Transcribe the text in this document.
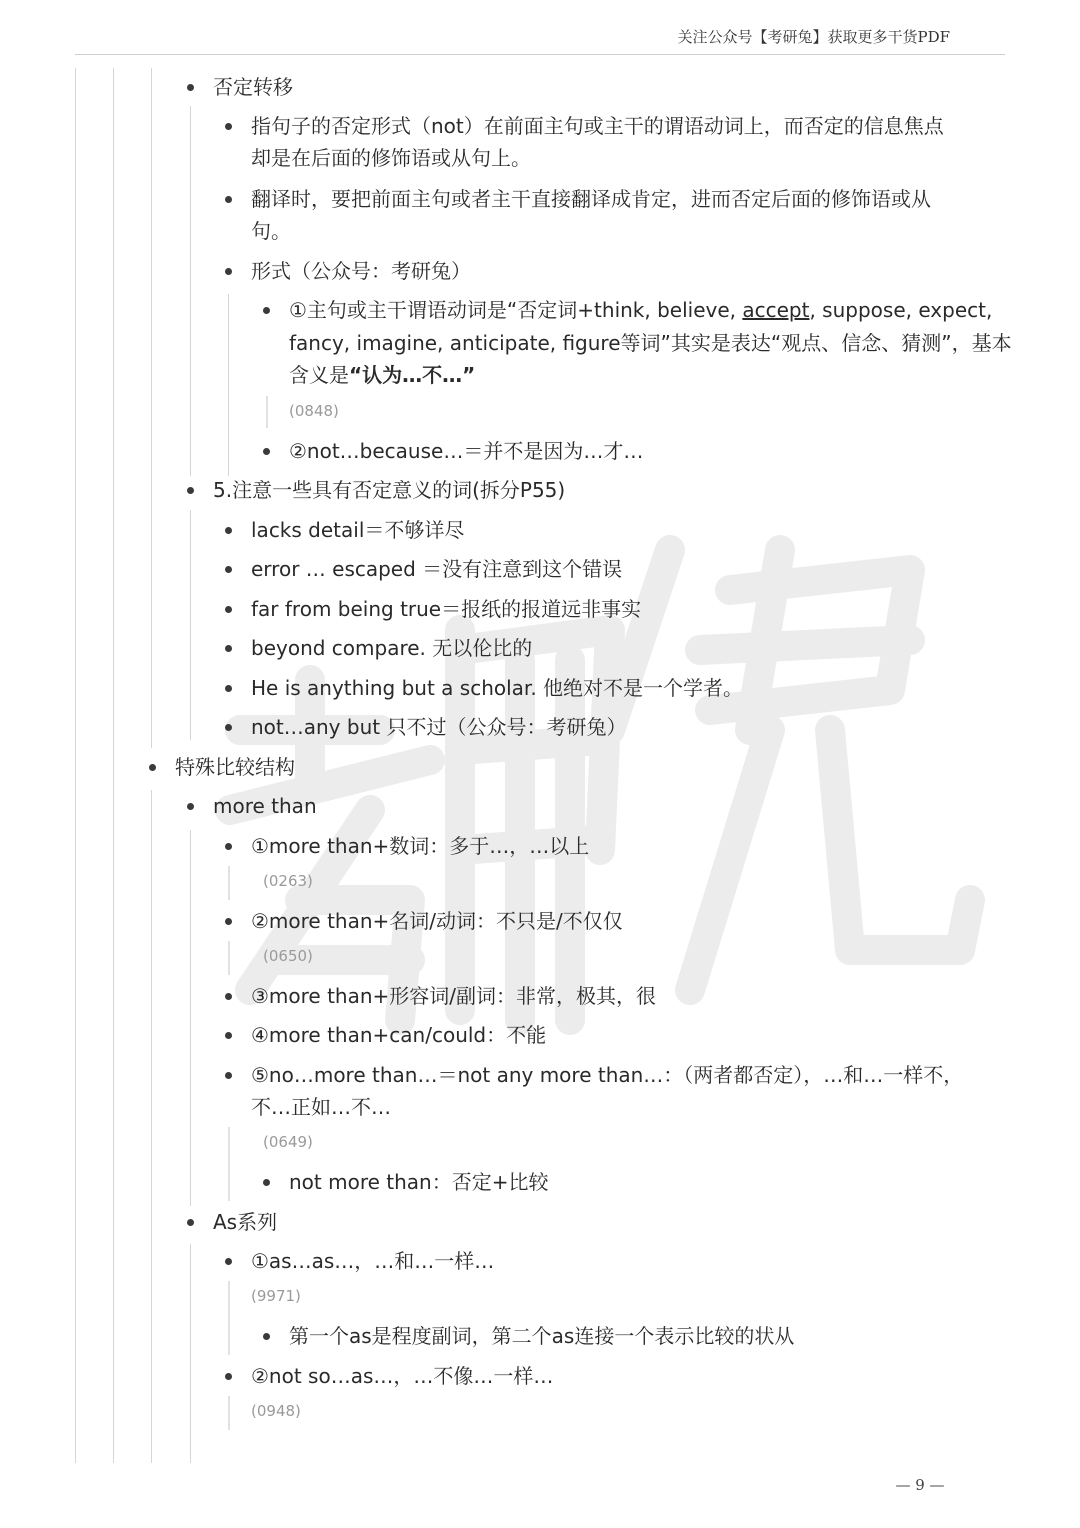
关注公众号【考研兔】获取更多干货PDF
否定转移
指句子的否定形式（not）在前面主句或主干的谓语动词上，而否定的信息焦点
却是在后面的修饰语或从句上。
翻译时，要把前面主句或者主干直接翻译成肯定，进而否定后面的修饰语或从
句。
形式（公众号：考研兔）
①主句或主干谓语动词是“否定词+think, believe, accept, suppose, expect,
fancy, imagine, anticipate, figure等词”其实是表达“观点、信念、猜测”，基本
含义是“认为…不…”
(0848)
②not…because…＝并不是因为…才…
5.注意一些具有否定意义的词(拆分P55)
lacks detail＝不够详尽
error … escaped ＝没有注意到这个错误
far from being true＝报纸的报道远非事实
beyond compare. 无以伦比的
He is anything but a scholar. 他绝对不是一个学者。
not…any but 只不过（公众号：考研兔）
特殊比较结构
more than
①more than+数词：多于…，…以上
(0263)
②more than+名词/动词：不只是/不仅仅
(0650)
③more than+形容词/副词：非常，极其，很
④more than+can/could：不能
⑤no…more than…＝not any more than…：（两者都否定），…和…一样不，
不…正如…不…
(0649)
not more than：否定+比较
As系列
①as…as…，…和…一样…
(9971)
第一个as是程度副词，第二个as连接一个表示比较的状从
②not so…as…，…不像…一样…
(0948)
— 9 —
